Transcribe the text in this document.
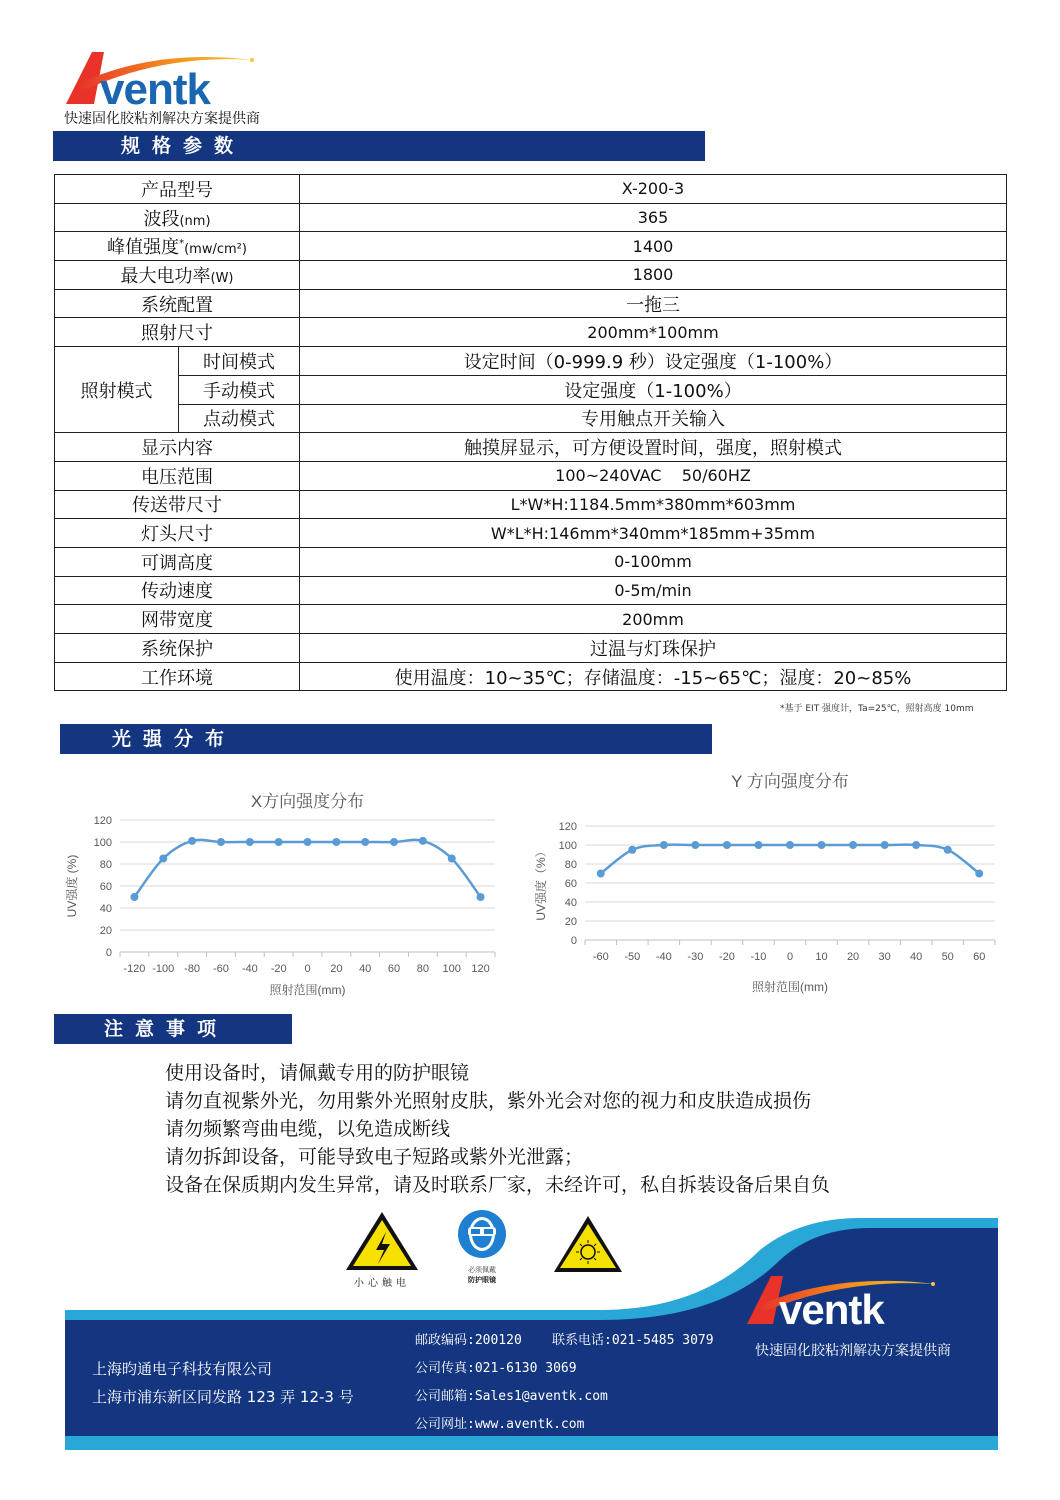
ventk
快速固化胶粘剂解决方案提供商
规格参数
产品型号		X-200-3
波段(nm)		365
峰值强度*(mw/cm²)		1400
最大电功率(W)		1800
系统配置		一拖三
照射尺寸		200mm*100mm
照射模式	时间模式	设定时间（0-999.9 秒）设定强度（1-100%）
	手动模式	设定强度（1-100%）
	点动模式	专用触点开关输入
显示内容		触摸屏显示，可方便设置时间，强度，照射模式
电压范围		100~240VAC    50/60HZ
传送带尺寸		L*W*H:1184.5mm*380mm*603mm
灯头尺寸		W*L*H:146mm*340mm*185mm+35mm
可调高度		0-100mm
传动速度		0-5m/min
网带宽度		200mm
系统保护		过温与灯珠保护
工作环境		使用温度：10~35℃；存储温度：-15~65℃；湿度：20~85%
*基于 EIT 强度计，Ta=25℃，照射高度 10mm
光强分布
X方向强度分布
0
20
40
60
80
100
120
-120 -100 -80 -60 -40 -20 0 20 40 60 80 100 120
照射范围(mm)
UV强度 (%)
Y 方向强度分布
0
20
40
60
80
100
120
-60 -50 -40 -30 -20 -10 0 10 20 30 40 50 60
照射范围(mm)
UV强度（%）
注意事项
使用设备时，请佩戴专用的防护眼镜
请勿直视紫外光，勿用紫外光照射皮肤，紫外光会对您的视力和皮肤造成损伤
请勿频繁弯曲电缆，以免造成断线
请勿拆卸设备，可能导致电子短路或紫外光泄露；
设备在保质期内发生异常，请及时联系厂家，未经许可，私自拆装设备后果自负
小心触电
必须佩戴
防护眼镜
上海昀通电子科技有限公司
上海市浦东新区同发路 123 弄 12-3 号
邮政编码:200120 联系电话:021-5485 3079
公司传真:021-6130 3069
公司邮箱:Sales1@aventk.com
公司网址:www.aventk.com
ventk
快速固化胶粘剂解决方案提供商
